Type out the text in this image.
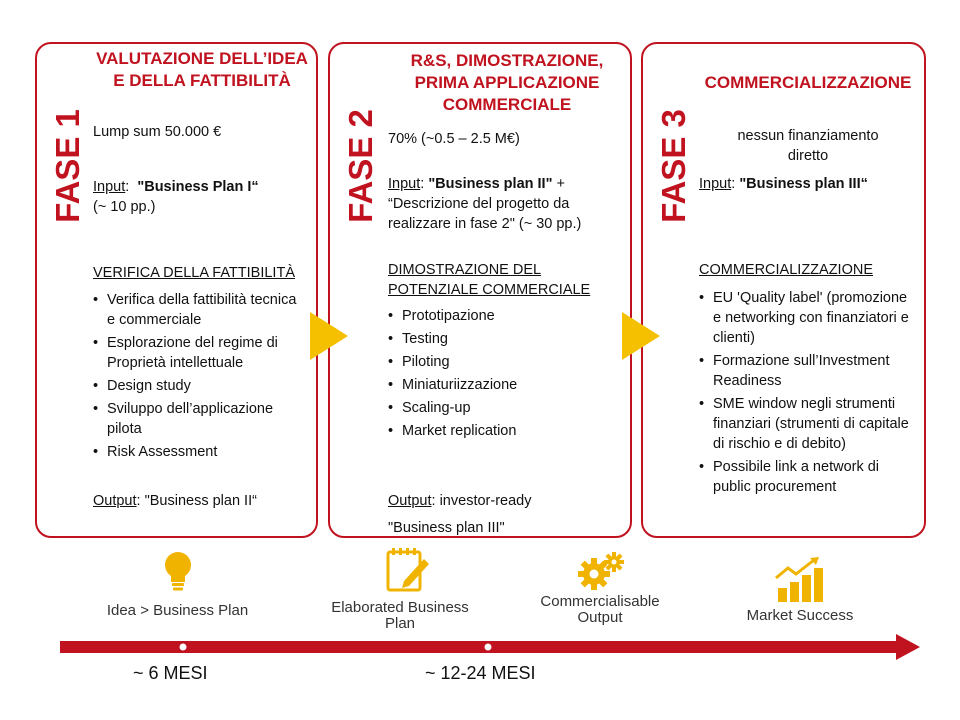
FASE 1
VALUTAZIONE DELL’IDEA
E DELLA FATTIBILITÀ
Lump sum 50.000 €
Input:  "Business Plan I“
(~ 10 pp.)
VERIFICA DELLA FATTIBILITÀ
• Verifica della fattibilità tecnica e commerciale
• Esplorazione del regime di Proprietà intellettuale
• Design study
• Sviluppo dell’applicazione pilota
• Risk Assessment
Output: "Business plan II“
FASE 2
R&S, DIMOSTRAZIONE,
PRIMA APPLICAZIONE
COMMERCIALE
70% (~0.5 – 2.5 M€)
Input: "Business plan II" +
“Descrizione del progetto da
realizzare in fase 2" (~ 30 pp.)
DIMOSTRAZIONE DEL
POTENZIALE COMMERCIALE
• Prototipazione
• Testing
• Piloting
• Miniaturiizzazione
• Scaling-up
• Market replication
Output: investor-ready
"Business plan III"
FASE 3
COMMERCIALIZZAZIONE
nessun finanziamento
diretto
Input: "Business plan III“
COMMERCIALIZZAZIONE
• EU 'Quality label' (promozione e networking con finanziatori e clienti)
• Formazione sull’Investment Readiness
• SME window negli strumenti finanziari (strumenti di capitale di rischio e di debito)
• Possibile link a network di public procurement
Idea > Business Plan	Elaborated Business
Plan
Commercialisable
Output	Market Success
~ 6 MESI	~ 12-24 MESI
